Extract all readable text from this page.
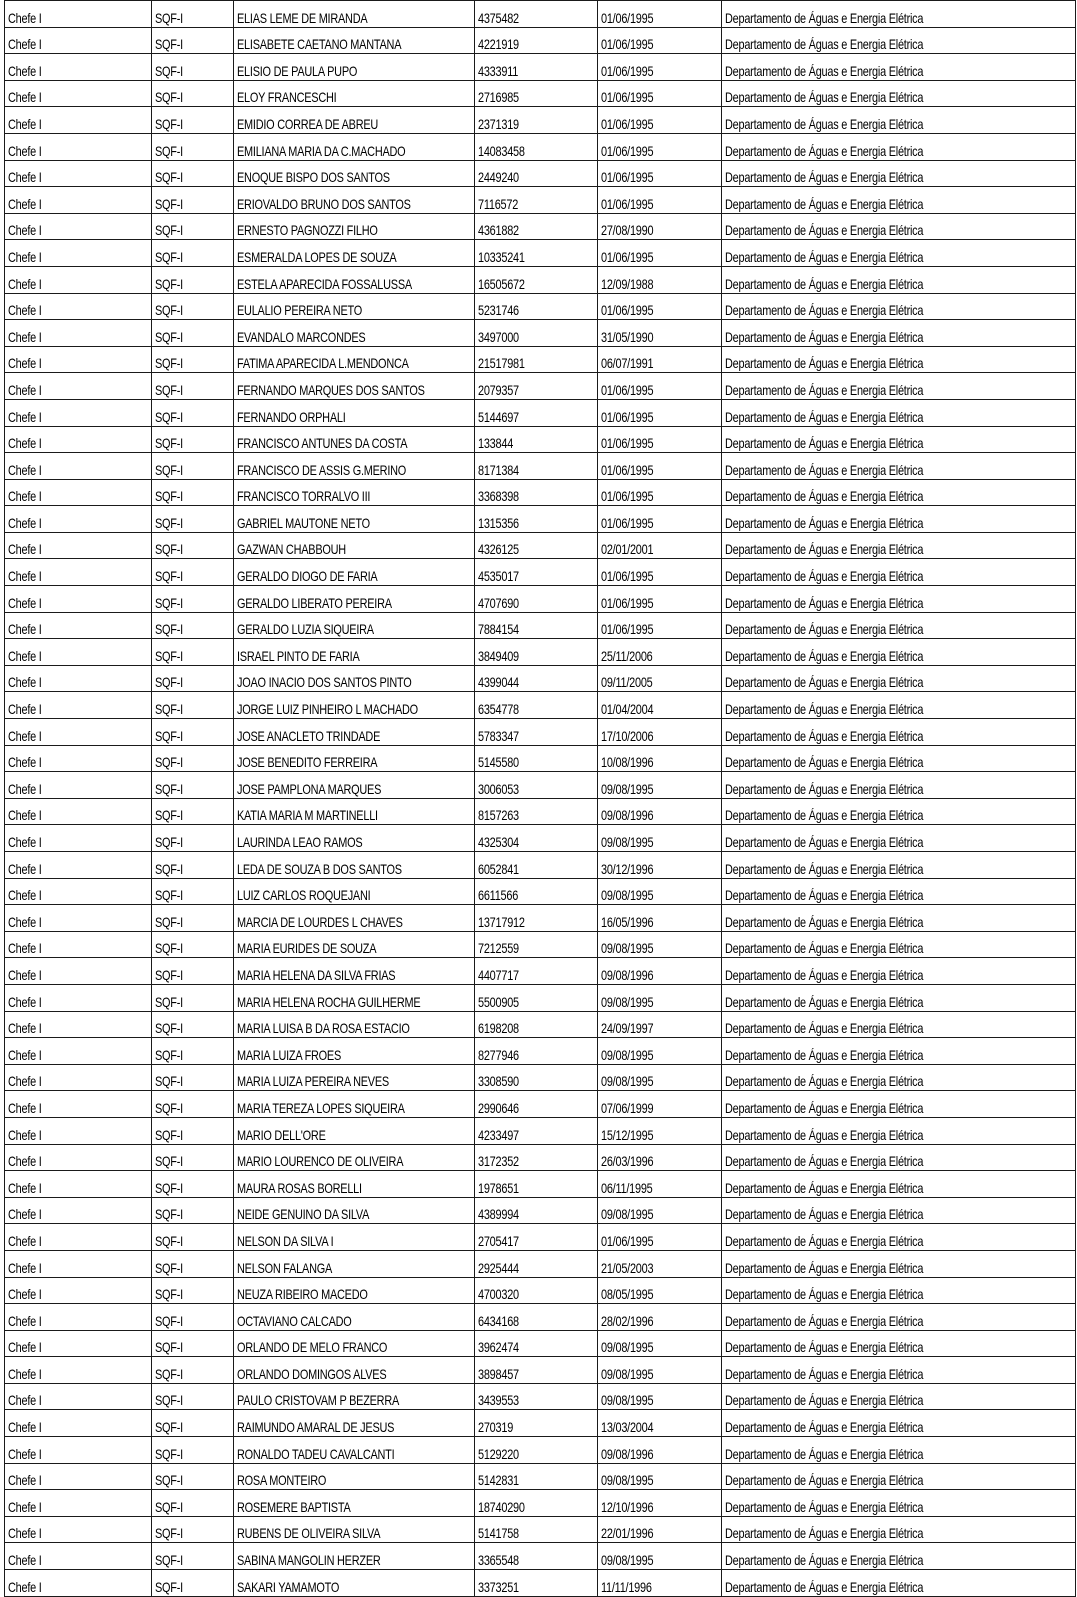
Chefe I	SQF-I	ELIAS LEME DE MIRANDA	4375482	01/06/1995	Departamento de Águas e Energia Elétrica
Chefe I	SQF-I	ELISABETE CAETANO MANTANA	4221919	01/06/1995	Departamento de Águas e Energia Elétrica
Chefe I	SQF-I	ELISIO DE PAULA PUPO	4333911	01/06/1995	Departamento de Águas e Energia Elétrica
Chefe I	SQF-I	ELOY FRANCESCHI	2716985	01/06/1995	Departamento de Águas e Energia Elétrica
Chefe I	SQF-I	EMIDIO CORREA DE ABREU	2371319	01/06/1995	Departamento de Águas e Energia Elétrica
Chefe I	SQF-I	EMILIANA MARIA DA C.MACHADO	14083458	01/06/1995	Departamento de Águas e Energia Elétrica
Chefe I	SQF-I	ENOQUE BISPO DOS SANTOS	2449240	01/06/1995	Departamento de Águas e Energia Elétrica
Chefe I	SQF-I	ERIOVALDO BRUNO DOS SANTOS	7116572	01/06/1995	Departamento de Águas e Energia Elétrica
Chefe I	SQF-I	ERNESTO PAGNOZZI FILHO	4361882	27/08/1990	Departamento de Águas e Energia Elétrica
Chefe I	SQF-I	ESMERALDA LOPES DE SOUZA	10335241	01/06/1995	Departamento de Águas e Energia Elétrica
Chefe I	SQF-I	ESTELA APARECIDA FOSSALUSSA	16505672	12/09/1988	Departamento de Águas e Energia Elétrica
Chefe I	SQF-I	EULALIO PEREIRA NETO	5231746	01/06/1995	Departamento de Águas e Energia Elétrica
Chefe I	SQF-I	EVANDALO MARCONDES	3497000	31/05/1990	Departamento de Águas e Energia Elétrica
Chefe I	SQF-I	FATIMA APARECIDA L.MENDONCA	21517981	06/07/1991	Departamento de Águas e Energia Elétrica
Chefe I	SQF-I	FERNANDO MARQUES DOS SANTOS	2079357	01/06/1995	Departamento de Águas e Energia Elétrica
Chefe I	SQF-I	FERNANDO ORPHALI	5144697	01/06/1995	Departamento de Águas e Energia Elétrica
Chefe I	SQF-I	FRANCISCO ANTUNES DA COSTA	133844	01/06/1995	Departamento de Águas e Energia Elétrica
Chefe I	SQF-I	FRANCISCO DE ASSIS G.MERINO	8171384	01/06/1995	Departamento de Águas e Energia Elétrica
Chefe I	SQF-I	FRANCISCO TORRALVO III	3368398	01/06/1995	Departamento de Águas e Energia Elétrica
Chefe I	SQF-I	GABRIEL MAUTONE NETO	1315356	01/06/1995	Departamento de Águas e Energia Elétrica
Chefe I	SQF-I	GAZWAN CHABBOUH	4326125	02/01/2001	Departamento de Águas e Energia Elétrica
Chefe I	SQF-I	GERALDO DIOGO DE FARIA	4535017	01/06/1995	Departamento de Águas e Energia Elétrica
Chefe I	SQF-I	GERALDO LIBERATO PEREIRA	4707690	01/06/1995	Departamento de Águas e Energia Elétrica
Chefe I	SQF-I	GERALDO LUZIA SIQUEIRA	7884154	01/06/1995	Departamento de Águas e Energia Elétrica
Chefe I	SQF-I	ISRAEL PINTO DE FARIA	3849409	25/11/2006	Departamento de Águas e Energia Elétrica
Chefe I	SQF-I	JOAO INACIO DOS SANTOS PINTO	4399044	09/11/2005	Departamento de Águas e Energia Elétrica
Chefe I	SQF-I	JORGE LUIZ PINHEIRO L MACHADO	6354778	01/04/2004	Departamento de Águas e Energia Elétrica
Chefe I	SQF-I	JOSE ANACLETO TRINDADE	5783347	17/10/2006	Departamento de Águas e Energia Elétrica
Chefe I	SQF-I	JOSE BENEDITO FERREIRA	5145580	10/08/1996	Departamento de Águas e Energia Elétrica
Chefe I	SQF-I	JOSE PAMPLONA MARQUES	3006053	09/08/1995	Departamento de Águas e Energia Elétrica
Chefe I	SQF-I	KATIA MARIA M MARTINELLI	8157263	09/08/1996	Departamento de Águas e Energia Elétrica
Chefe I	SQF-I	LAURINDA LEAO RAMOS	4325304	09/08/1995	Departamento de Águas e Energia Elétrica
Chefe I	SQF-I	LEDA DE SOUZA B DOS SANTOS	6052841	30/12/1996	Departamento de Águas e Energia Elétrica
Chefe I	SQF-I	LUIZ CARLOS ROQUEJANI	6611566	09/08/1995	Departamento de Águas e Energia Elétrica
Chefe I	SQF-I	MARCIA DE LOURDES L CHAVES	13717912	16/05/1996	Departamento de Águas e Energia Elétrica
Chefe I	SQF-I	MARIA EURIDES DE SOUZA	7212559	09/08/1995	Departamento de Águas e Energia Elétrica
Chefe I	SQF-I	MARIA HELENA DA SILVA FRIAS	4407717	09/08/1996	Departamento de Águas e Energia Elétrica
Chefe I	SQF-I	MARIA HELENA ROCHA GUILHERME	5500905	09/08/1995	Departamento de Águas e Energia Elétrica
Chefe I	SQF-I	MARIA LUISA B DA ROSA ESTACIO	6198208	24/09/1997	Departamento de Águas e Energia Elétrica
Chefe I	SQF-I	MARIA LUIZA FROES	8277946	09/08/1995	Departamento de Águas e Energia Elétrica
Chefe I	SQF-I	MARIA LUIZA PEREIRA NEVES	3308590	09/08/1995	Departamento de Águas e Energia Elétrica
Chefe I	SQF-I	MARIA TEREZA LOPES SIQUEIRA	2990646	07/06/1999	Departamento de Águas e Energia Elétrica
Chefe I	SQF-I	MARIO DELL'ORE	4233497	15/12/1995	Departamento de Águas e Energia Elétrica
Chefe I	SQF-I	MARIO LOURENCO DE OLIVEIRA	3172352	26/03/1996	Departamento de Águas e Energia Elétrica
Chefe I	SQF-I	MAURA ROSAS BORELLI	1978651	06/11/1995	Departamento de Águas e Energia Elétrica
Chefe I	SQF-I	NEIDE GENUINO DA SILVA	4389994	09/08/1995	Departamento de Águas e Energia Elétrica
Chefe I	SQF-I	NELSON DA SILVA I	2705417	01/06/1995	Departamento de Águas e Energia Elétrica
Chefe I	SQF-I	NELSON FALANGA	2925444	21/05/2003	Departamento de Águas e Energia Elétrica
Chefe I	SQF-I	NEUZA RIBEIRO MACEDO	4700320	08/05/1995	Departamento de Águas e Energia Elétrica
Chefe I	SQF-I	OCTAVIANO CALCADO	6434168	28/02/1996	Departamento de Águas e Energia Elétrica
Chefe I	SQF-I	ORLANDO DE MELO FRANCO	3962474	09/08/1995	Departamento de Águas e Energia Elétrica
Chefe I	SQF-I	ORLANDO DOMINGOS ALVES	3898457	09/08/1995	Departamento de Águas e Energia Elétrica
Chefe I	SQF-I	PAULO CRISTOVAM P BEZERRA	3439553	09/08/1995	Departamento de Águas e Energia Elétrica
Chefe I	SQF-I	RAIMUNDO AMARAL DE JESUS	270319	13/03/2004	Departamento de Águas e Energia Elétrica
Chefe I	SQF-I	RONALDO TADEU CAVALCANTI	5129220	09/08/1996	Departamento de Águas e Energia Elétrica
Chefe I	SQF-I	ROSA MONTEIRO	5142831	09/08/1995	Departamento de Águas e Energia Elétrica
Chefe I	SQF-I	ROSEMERE BAPTISTA	18740290	12/10/1996	Departamento de Águas e Energia Elétrica
Chefe I	SQF-I	RUBENS DE OLIVEIRA SILVA	5141758	22/01/1996	Departamento de Águas e Energia Elétrica
Chefe I	SQF-I	SABINA MANGOLIN HERZER	3365548	09/08/1995	Departamento de Águas e Energia Elétrica
Chefe I	SQF-I	SAKARI YAMAMOTO	3373251	11/11/1996	Departamento de Águas e Energia Elétrica
